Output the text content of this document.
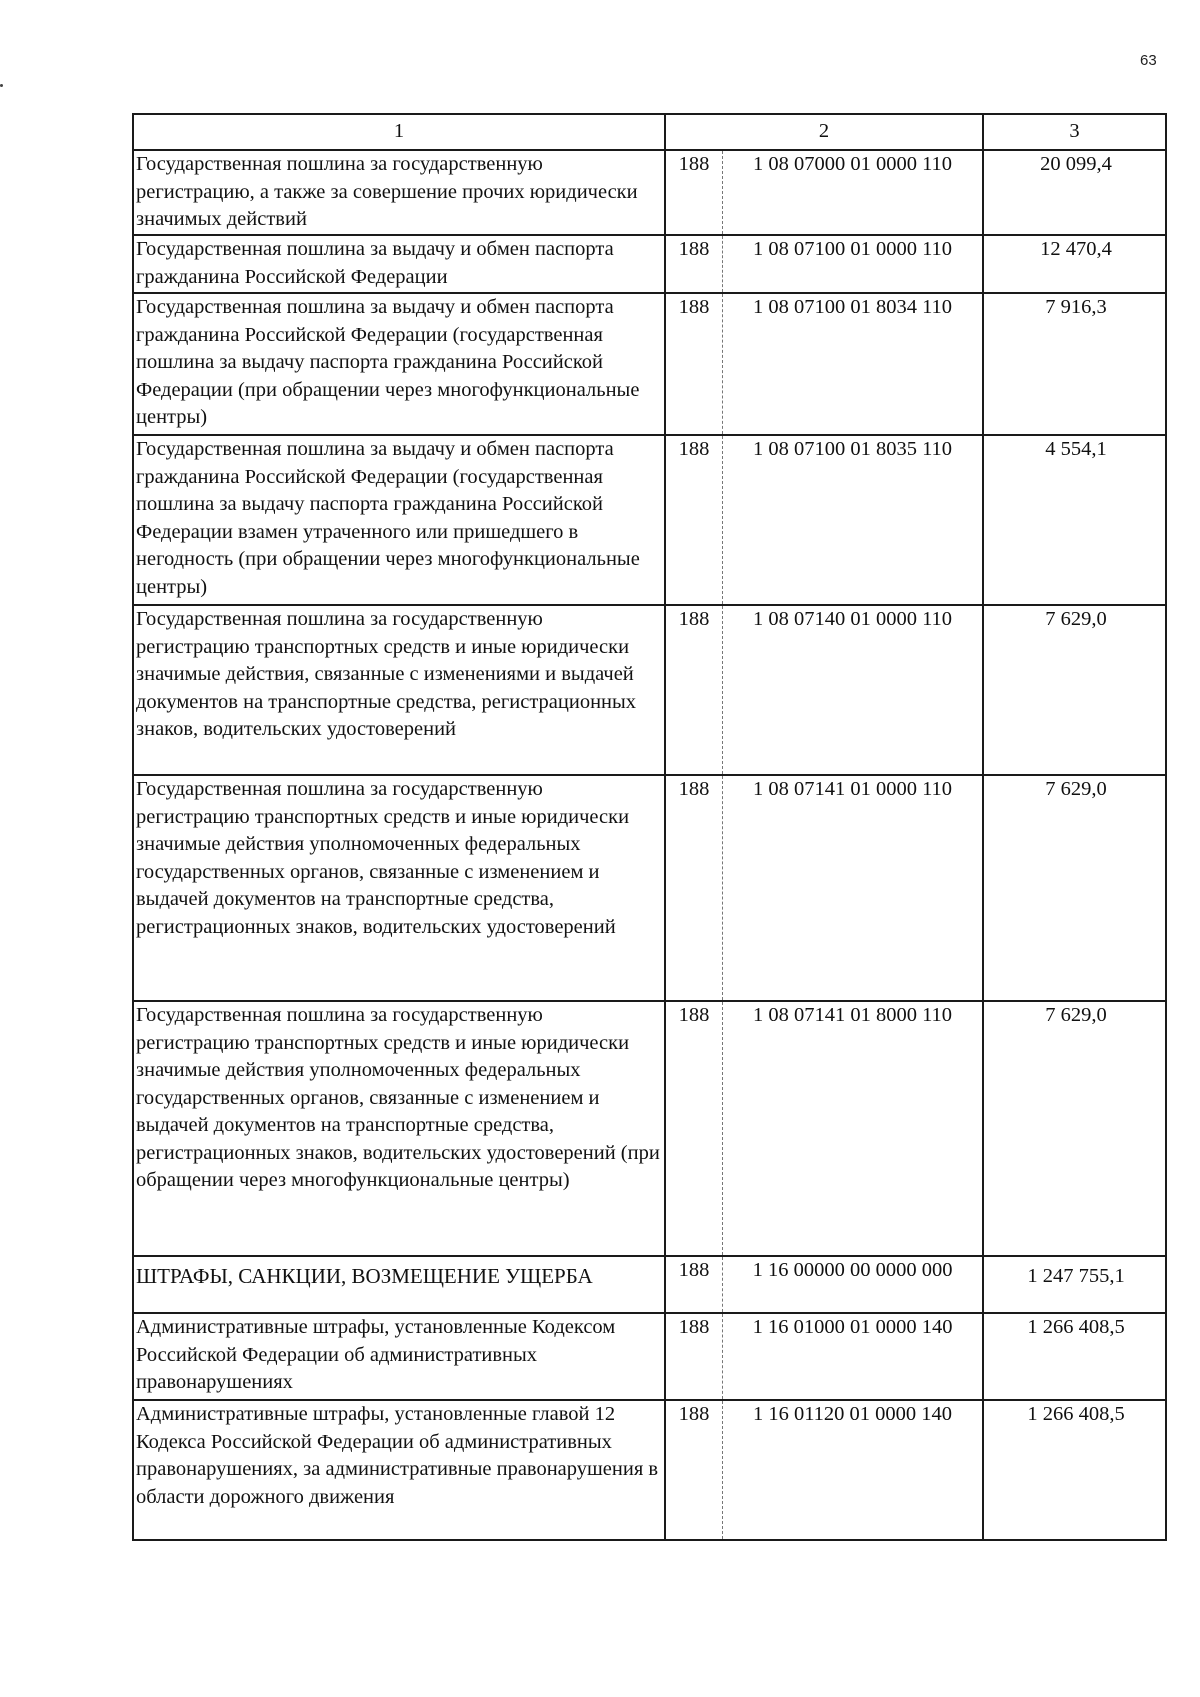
63
1	2	3
Государственная пошлина за государственную регистрацию, а также за совершение прочих юридически значимых действий	188 1 08 07000 01 0000 110	20 099,4
Государственная пошлина за выдачу и обмен паспорта гражданина Российской Федерации	188 1 08 07100 01 0000 110	12 470,4
Государственная пошлина за выдачу и обмен паспорта гражданина Российской Федерации (государственная пошлина за выдачу паспорта гражданина Российской Федерации (при обращении через многофункциональные центры)	188 1 08 07100 01 8034 110	7 916,3
Государственная пошлина за выдачу и обмен паспорта гражданина Российской Федерации (государственная пошлина за выдачу паспорта гражданина Российской Федерации взамен утраченного или пришедшего в негодность (при обращении через многофункциональные центры)	188 1 08 07100 01 8035 110	4 554,1
Государственная пошлина за государственную регистрацию транспортных средств и иные юридически значимые действия, связанные с изменениями и выдачей документов на транспортные средства, регистрационных знаков, водительских удостоверений	188 1 08 07140 01 0000 110	7 629,0
Государственная пошлина за государственную регистрацию транспортных средств и иные юридически значимые действия уполномоченных федеральных государственных органов, связанные с изменением и выдачей документов на транспортные средства, регистрационных знаков, водительских удостоверений	188 1 08 07141 01 0000 110	7 629,0
Государственная пошлина за государственную регистрацию транспортных средств и иные юридически значимые действия уполномоченных федеральных государственных органов, связанные с изменением и выдачей документов на транспортные средства, регистрационных знаков, водительских удостоверений (при обращении через многофункциональные центры)	188 1 08 07141 01 8000 110	7 629,0
ШТРАФЫ, САНКЦИИ, ВОЗМЕЩЕНИЕ УЩЕРБА	188 1 16 00000 00 0000 000	1 247 755,1
Административные штрафы, установленные Кодексом Российской Федерации об административных правонарушениях	188 1 16 01000 01 0000 140	1 266 408,5
Административные штрафы, установленные главой 12 Кодекса Российской Федерации об административных правонарушениях, за административные правонарушения в области дорожного движения	188 1 16 01120 01 0000 140	1 266 408,5
